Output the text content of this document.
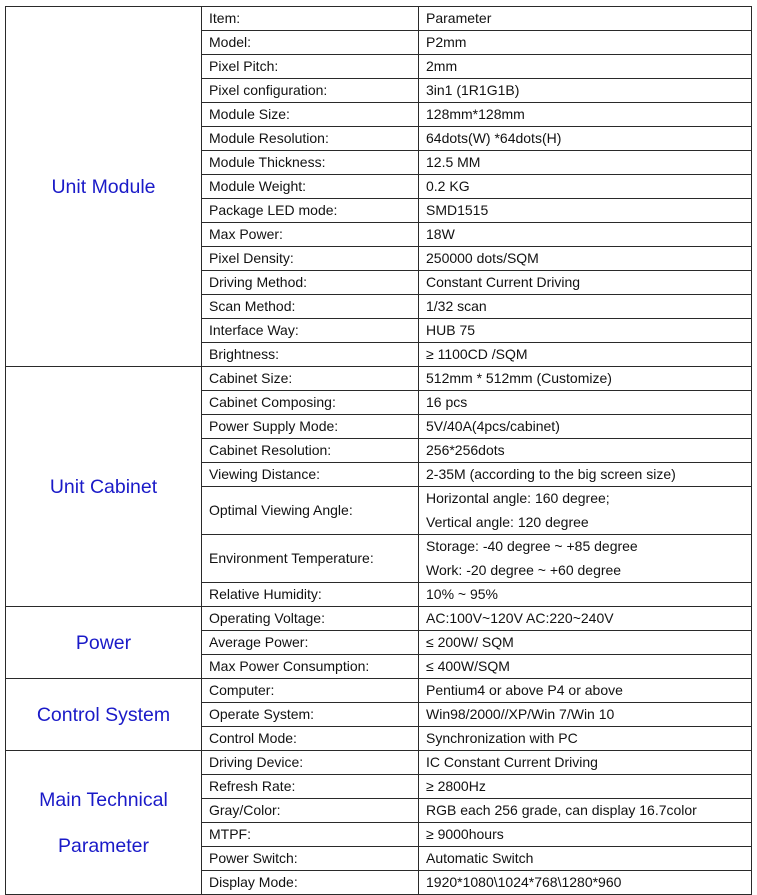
Unit Module	Item:	Parameter
	Model:	P2mm
	Pixel Pitch:	2mm
	Pixel configuration:	3in1 (1R1G1B)
	Module Size:	128mm*128mm
	Module Resolution:	64dots(W) *64dots(H)
	Module Thickness:	12.5 MM
	Module Weight:	0.2 KG
	Package LED mode:	SMD1515
	Max Power:	18W
	Pixel Density:	250000 dots/SQM
	Driving Method:	Constant Current Driving
	Scan Method:	1/32 scan
	Interface Way:	HUB 75
	Brightness:	≥ 1100CD /SQM

Unit Cabinet	Cabinet Size:	512mm * 512mm (Customize)
	Cabinet Composing:	16 pcs
	Power Supply Mode:	5V/40A(4pcs/cabinet)
	Cabinet Resolution:	256*256dots
	Viewing Distance:	2-35M (according to the big screen size)
	Optimal Viewing Angle:	Horizontal angle: 160 degree;
Vertical angle: 120 degree

	Environment Temperature:	Storage: -40 degree ~ +85 degree
Work: -20 degree ~ +60 degree

	Relative Humidity:	10% ~ 95%

Power	Operating Voltage:	AC:100V~120V AC:220~240V
	Average Power:	≤ 200W/ SQM
	Max Power Consumption:	≤ 400W/SQM

Control System	Computer:	Pentium4 or above P4 or above
	Operate System:	Win98/2000//XP/Win 7/Win 10
	Control Mode:	Synchronization with PC

Main Technical
Parameter	Driving Device:	IC Constant Current Driving
	Refresh Rate:	≥ 2800Hz
	Gray/Color:	RGB each 256 grade, can display 16.7color
	MTPF:	≥ 9000hours
	Power Switch:	Automatic Switch
	Display Mode:	1920*1080\1024*768\1280*960
